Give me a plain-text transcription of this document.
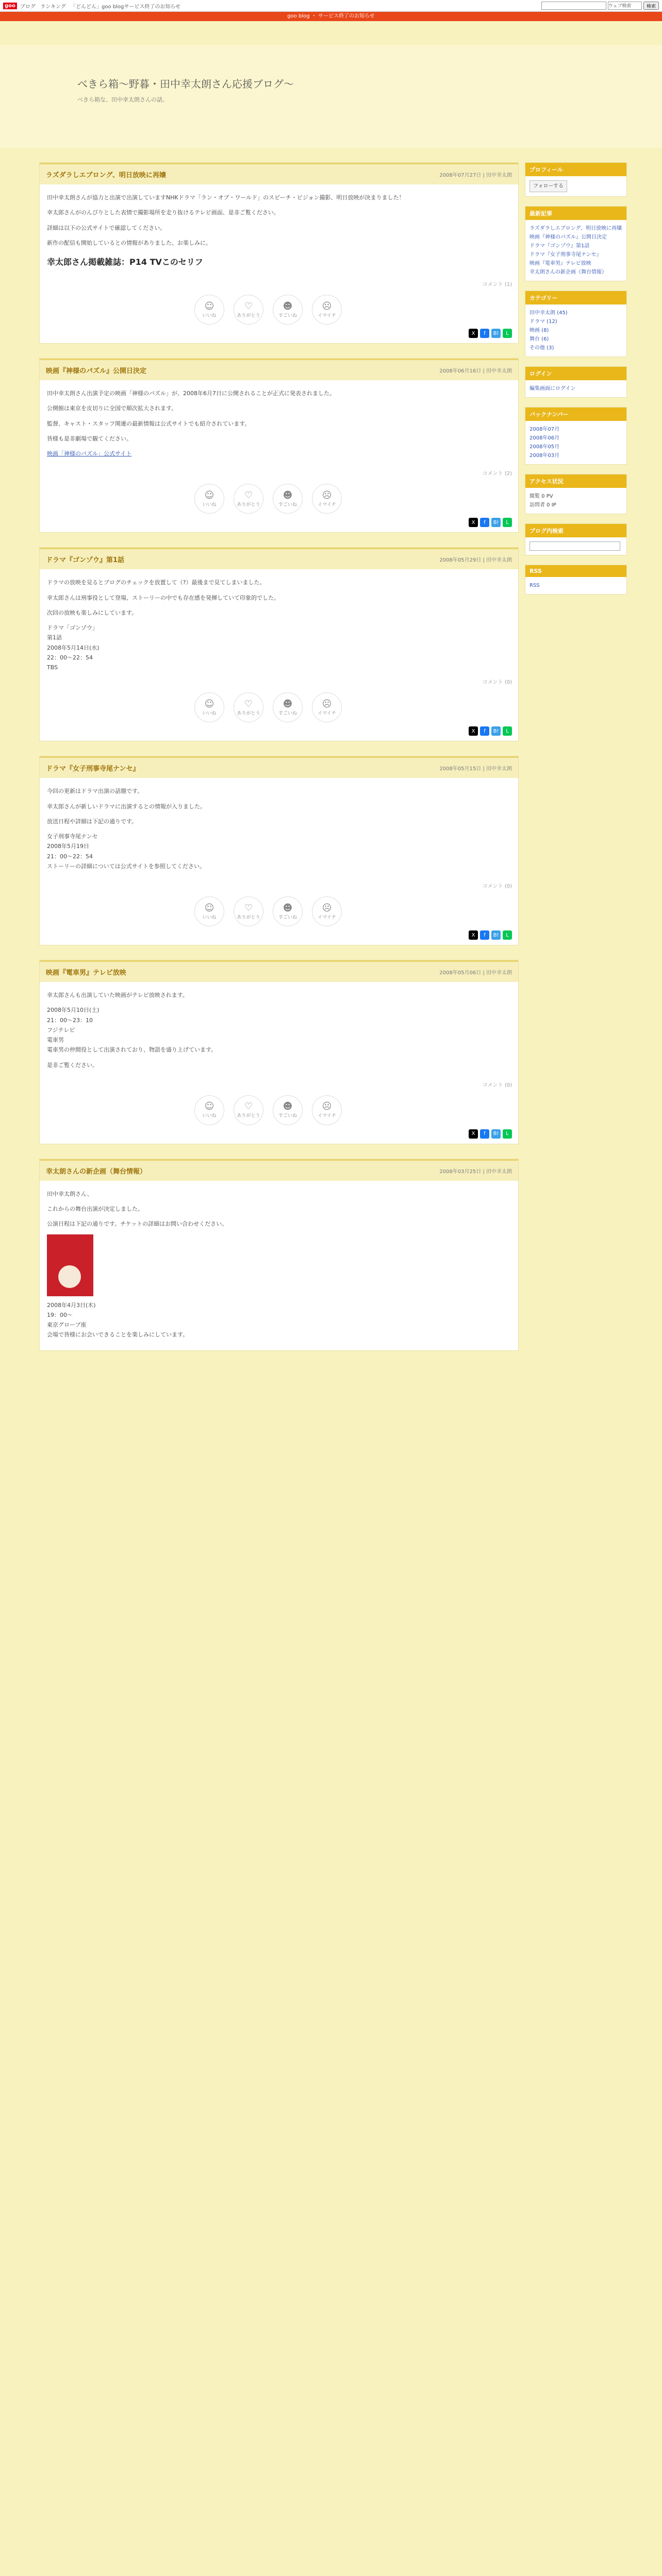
goo ブログ ランキング 「どんどん」goo blogサービス終了のお知らせ	ウェブ検索	検索
goo blog ・ サービス終了のお知らせ
べきら箱～野暮・田中幸太朗さん応援ブログ～
べきら箱な、田中幸太朗さんの話。
ラズダラしエブロング、明日放映に再嬢	2008年07月27日 | 田中幸太朗

田中幸太朗さんが協力と出演で出演していますNHKドラマ「ラン・オブ・ワールド」のスピーチ・ビジョン撮影、明日放映が決まりました！

幸太郎さんがのんびりとした表情で撮影場所を走り抜けるテレビ画面、是非ご覧ください。

詳細は以下の公式サイトで確認してください。

新作の配信も開始しているとの情報がありました、お楽しみに。

幸太郎さん掲載雑誌：P14 TVこのセリフ
コメント (1)
☺
いいね
♡
ありがとう
☻
すごいね
☹
イマイチ
X	f	B!	L
映画『神様のパズル』公開日決定	2008年06月16日 | 田中幸太朗

田中幸太朗さん出演予定の映画「神様のパズル」が、2008年6月7日に公開されることが正式に発表されました。

公開館は東京を皮切りに全国で順次拡大されます。

監督、キャスト・スタッフ関連の最新情報は公式サイトでも紹介されています。

皆様も是非劇場で観てください。

映画「神様のパズル」公式サイト

コメント (2)
☺
いいね
♡
ありがとう
☻
すごいね
☹
イマイチ
X	f	B!	L
ドラマ『ゴンゾウ』第1話	2008年05月29日 | 田中幸太朗

ドラマの放映を見るとブログのチェックを放置して（?）最後まで見てしまいました。

幸太郎さんは刑事役として登場、ストーリーの中でも存在感を発揮していて印象的でした。

次回の放映も楽しみにしています。

ドラマ「ゴンゾウ」
第1話
2008年5月14日(水)
22：00～22：54
TBS
コメント (0)
☺
いいね
♡
ありがとう
☻
すごいね
☹
イマイチ
X	f	B!	L
ドラマ『女子刑事寺尾ナンセ』	2008年05月15日 | 田中幸太朗

今回の更新はドラマ出演の話題です。

幸太郎さんが新しいドラマに出演するとの情報が入りました。

放送日程や詳細は下記の通りです。

女子刑事寺尾ナンセ
2008年5月19日
21：00～22：54

ストーリーの詳細については公式サイトを参照してください。

コメント (0)
☺
いいね
♡
ありがとう
☻
すごいね
☹
イマイチ
X	f	B!	L
映画『電車男』テレビ放映	2008年05月06日 | 田中幸太朗

幸太郎さんも出演していた映画がテレビ放映されます。

2008年5月10日(土)
21：00～23：10
フジテレビ
電車男

電車男の仲間役として出演されており、物語を盛り上げています。

是非ご覧ください。

コメント (0)
☺
いいね
♡
ありがとう
☻
すごいね
☹
イマイチ
X	f	B!	L
幸太朗さんの新企画（舞台情報）	2008年03月25日 | 田中幸太朗

田中幸太朗さん、

これからの舞台出演が決定しました。

公演日程は下記の通りです。チケットの詳細はお問い合わせください。

2008年4月3日(木)
19：00～
東京グローブ座

会場で皆様にお会いできることを楽しみにしています。

プロフィール
フォローする
最新記事
ラズダラしエブロング、明日放映に再嬢
映画『神様のパズル』公開日決定
ドラマ『ゴンゾウ』第1話
ドラマ『女子刑事寺尾ナンセ』
映画『電車男』テレビ放映
幸太朗さんの新企画（舞台情報）
カテゴリー
田中幸太朗 (45)
ドラマ (12)
映画 (8)
舞台 (6)
その他 (3)
ログイン
編集画面にログイン
バックナンバー
2008年07月
2008年06月
2008年05月
2008年03月
アクセス状況
閲覧 0 PV
訪問者 0 IP
ブログ内検索
RSS
RSS
